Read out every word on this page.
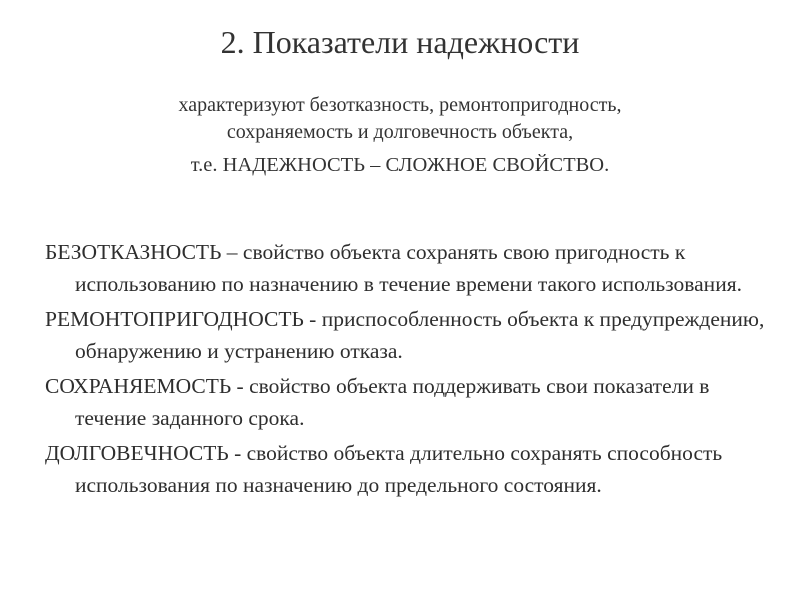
2. Показатели надежности
характеризуют безотказность, ремонтопригодность,
сохраняемость и долговечность объекта,
т.е. НАДЕЖНОСТЬ – СЛОЖНОЕ СВОЙСТВО.

БЕЗОТКАЗНОСТЬ – свойство объекта сохранять свою пригодность к использованию по назначению в течение времени такого использования.

РЕМОНТОПРИГОДНОСТЬ - приспособленность объекта к предупреждению, обнаружению и устранению отказа.

СОХРАНЯЕМОСТЬ - свойство объекта поддерживать свои показатели в течение заданного срока.

ДОЛГОВЕЧНОСТЬ - свойство объекта длительно сохранять способность использования по назначению до предельного состояния.
